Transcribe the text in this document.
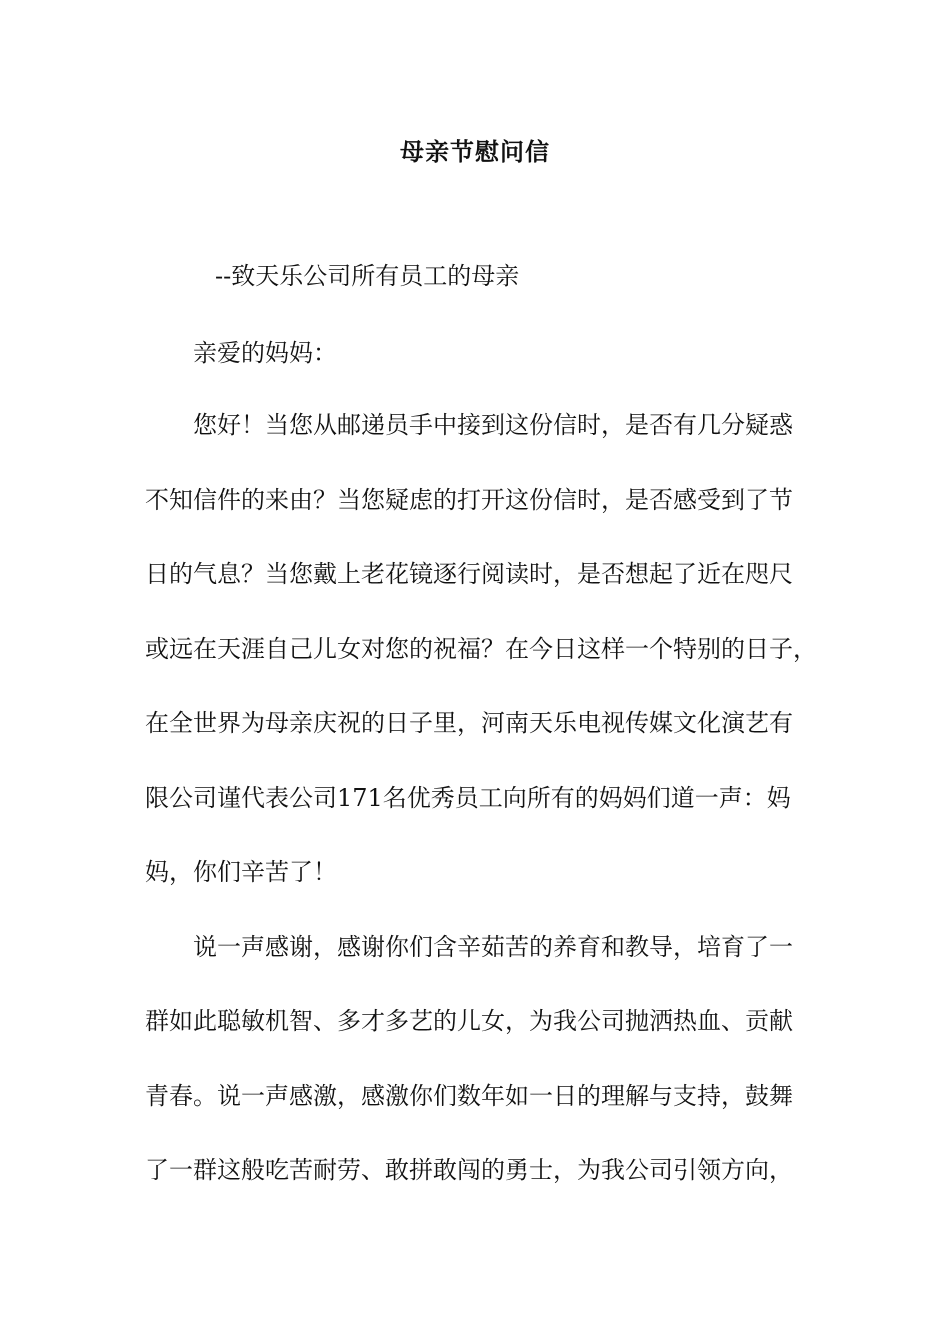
母亲节慰问信
--致天乐公司所有员工的母亲
亲爱的妈妈：
您好！当您从邮递员手中接到这份信时，是否有几分疑惑
不知信件的来由？当您疑虑的打开这份信时，是否感受到了节
日的气息？当您戴上老花镜逐行阅读时，是否想起了近在咫尺
或远在天涯自己儿女对您的祝福？在今日这样一个特别的日子，
在全世界为母亲庆祝的日子里，河南天乐电视传媒文化演艺有
限公司谨代表公司171名优秀员工向所有的妈妈们道一声：妈
妈，你们辛苦了！
说一声感谢，感谢你们含辛茹苦的养育和教导，培育了一
群如此聪敏机智、多才多艺的儿女，为我公司抛洒热血、贡献
青春。说一声感激，感激你们数年如一日的理解与支持，鼓舞
了一群这般吃苦耐劳、敢拼敢闯的勇士，为我公司引领方向，
